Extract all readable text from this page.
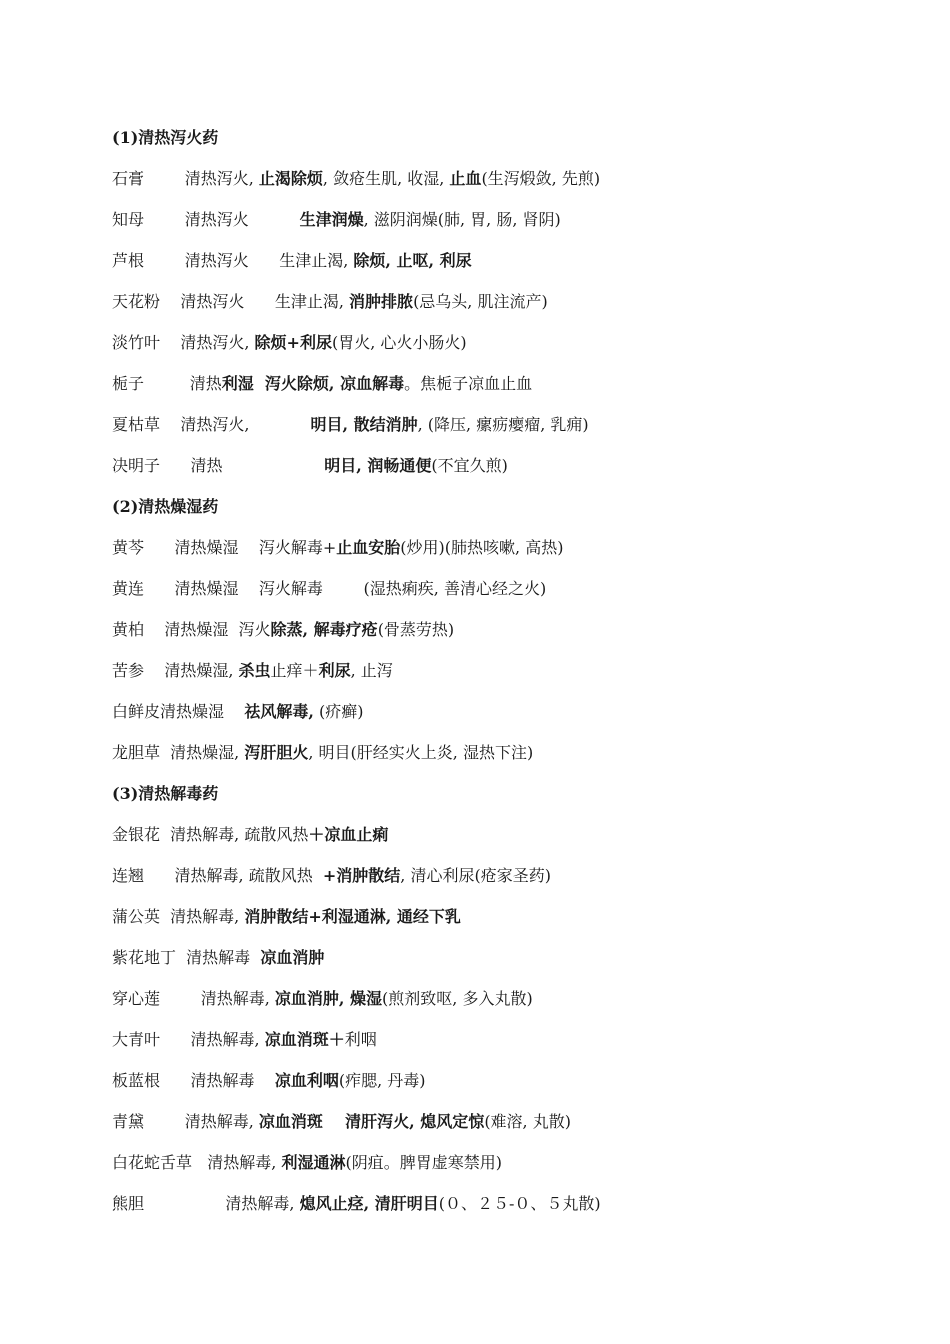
(1)清热泻火药
石膏        清热泻火, 止渴除烦, 敛疮生肌, 收湿, 止血(生泻煅敛, 先煎)
知母        清热泻火          生津润燥, 滋阴润燥(肺, 胃, 肠, 肾阴)
芦根        清热泻火      生津止渴, 除烦, 止呕, 利尿
天花粉    清热泻火      生津止渴, 消肿排脓(忌乌头, 肌注流产)
淡竹叶    清热泻火, 除烦+利尿(胃火, 心火小肠火)
栀子         清热利湿  泻火除烦, 凉血解毒。焦栀子凉血止血
夏枯草    清热泻火,            明目, 散结消肿, (降压, 瘰疬瘿瘤, 乳痈)
决明子      清热                    明目, 润畅通便(不宜久煎)
(2)清热燥湿药
黄芩      清热燥湿    泻火解毒+止血安胎(炒用)(肺热咳嗽, 高热)
黄连      清热燥湿    泻火解毒        (湿热痢疾, 善清心经之火)
黄柏    清热燥湿  泻火除蒸, 解毒疗疮(骨蒸劳热)
苦参    清热燥湿, 杀虫止痒＋利尿, 止泻
白鲜皮清热燥湿    祛风解毒, (疥癣)
龙胆草  清热燥湿, 泻肝胆火, 明目(肝经实火上炎, 湿热下注)
(3)清热解毒药
金银花  清热解毒, 疏散风热＋凉血止痢
连翘      清热解毒, 疏散风热  +消肿散结, 清心利尿(疮家圣药)
蒲公英  清热解毒, 消肿散结+利湿通淋, 通经下乳
紫花地丁  清热解毒  凉血消肿
穿心莲        清热解毒, 凉血消肿, 燥湿(煎剂致呕, 多入丸散)
大青叶      清热解毒, 凉血消斑＋利咽
板蓝根      清热解毒    凉血利咽(痄腮, 丹毒)
青黛        清热解毒, 凉血消斑    清肝泻火, 熄风定惊(难溶, 丸散)
白花蛇舌草   清热解毒, 利湿通淋(阴疽。脾胃虚寒禁用)
熊胆                清热解毒, 熄风止痉, 清肝明目(０、２５-０、５丸散)
